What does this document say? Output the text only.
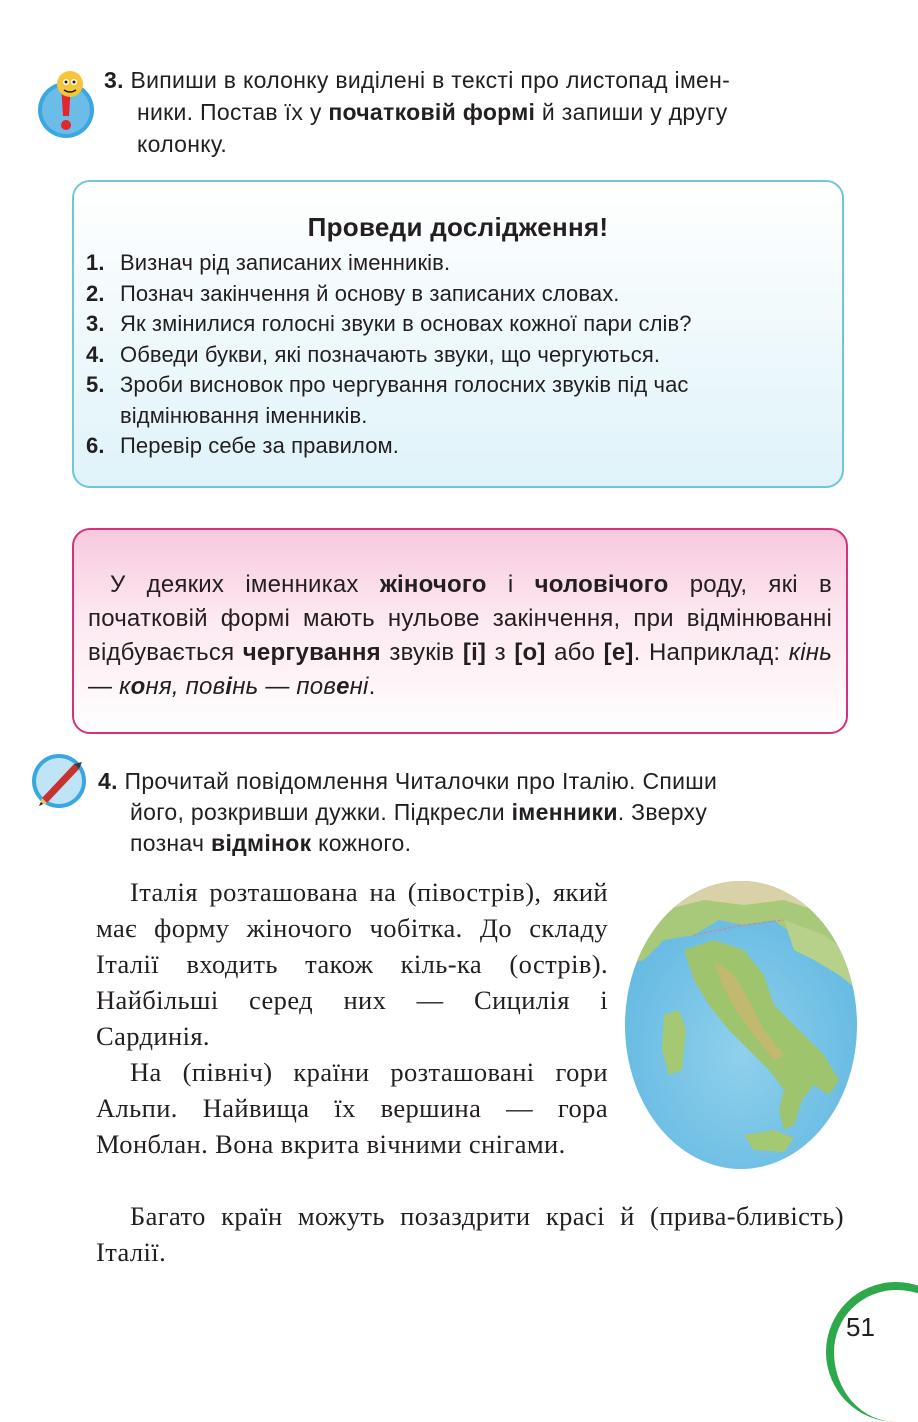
3. Випиши в колонку виділені в тексті про листопад імен-
ники. Постав їх у початковій формі й запиши у другу
колонку.
Проведи дослідження!
1. Визнач рід записаних іменників.
2. Познач закінчення й основу в записаних словах.
3. Як змінилися голосні звуки в основах кожної пари слів?
4. Обведи букви, які позначають звуки, що чергуються.
5. Зроби висновок про чергування голосних звуків під час
відмінювання іменників.
6. Перевір себе за правилом.
У деяких іменниках жіночого і чоловічого роду, які в початковій формі мають нульове закінчення, при відмінюванні відбувається чергування звуків [і] з [о] або [е]. Наприклад: кінь — коня, повінь — повені.
4. Прочитай повідомлення Читалочки про Італію. Спиши
його, розкривши дужки. Підкресли іменники. Зверху
познач відмінок кожного.

Італія розташована на (півострів), який має форму жіночого чобітка. До складу Італії входить також кіль-ка (острів). Найбільші серед них — Сицилія і Сардинія.

На (північ) країни розташовані гори Альпи. Найвища їх вершина — гора Монблан. Вона вкрита вічними снігами.

Багато країн можуть позаздрити красі й (прива-бливість) Італії.

51
